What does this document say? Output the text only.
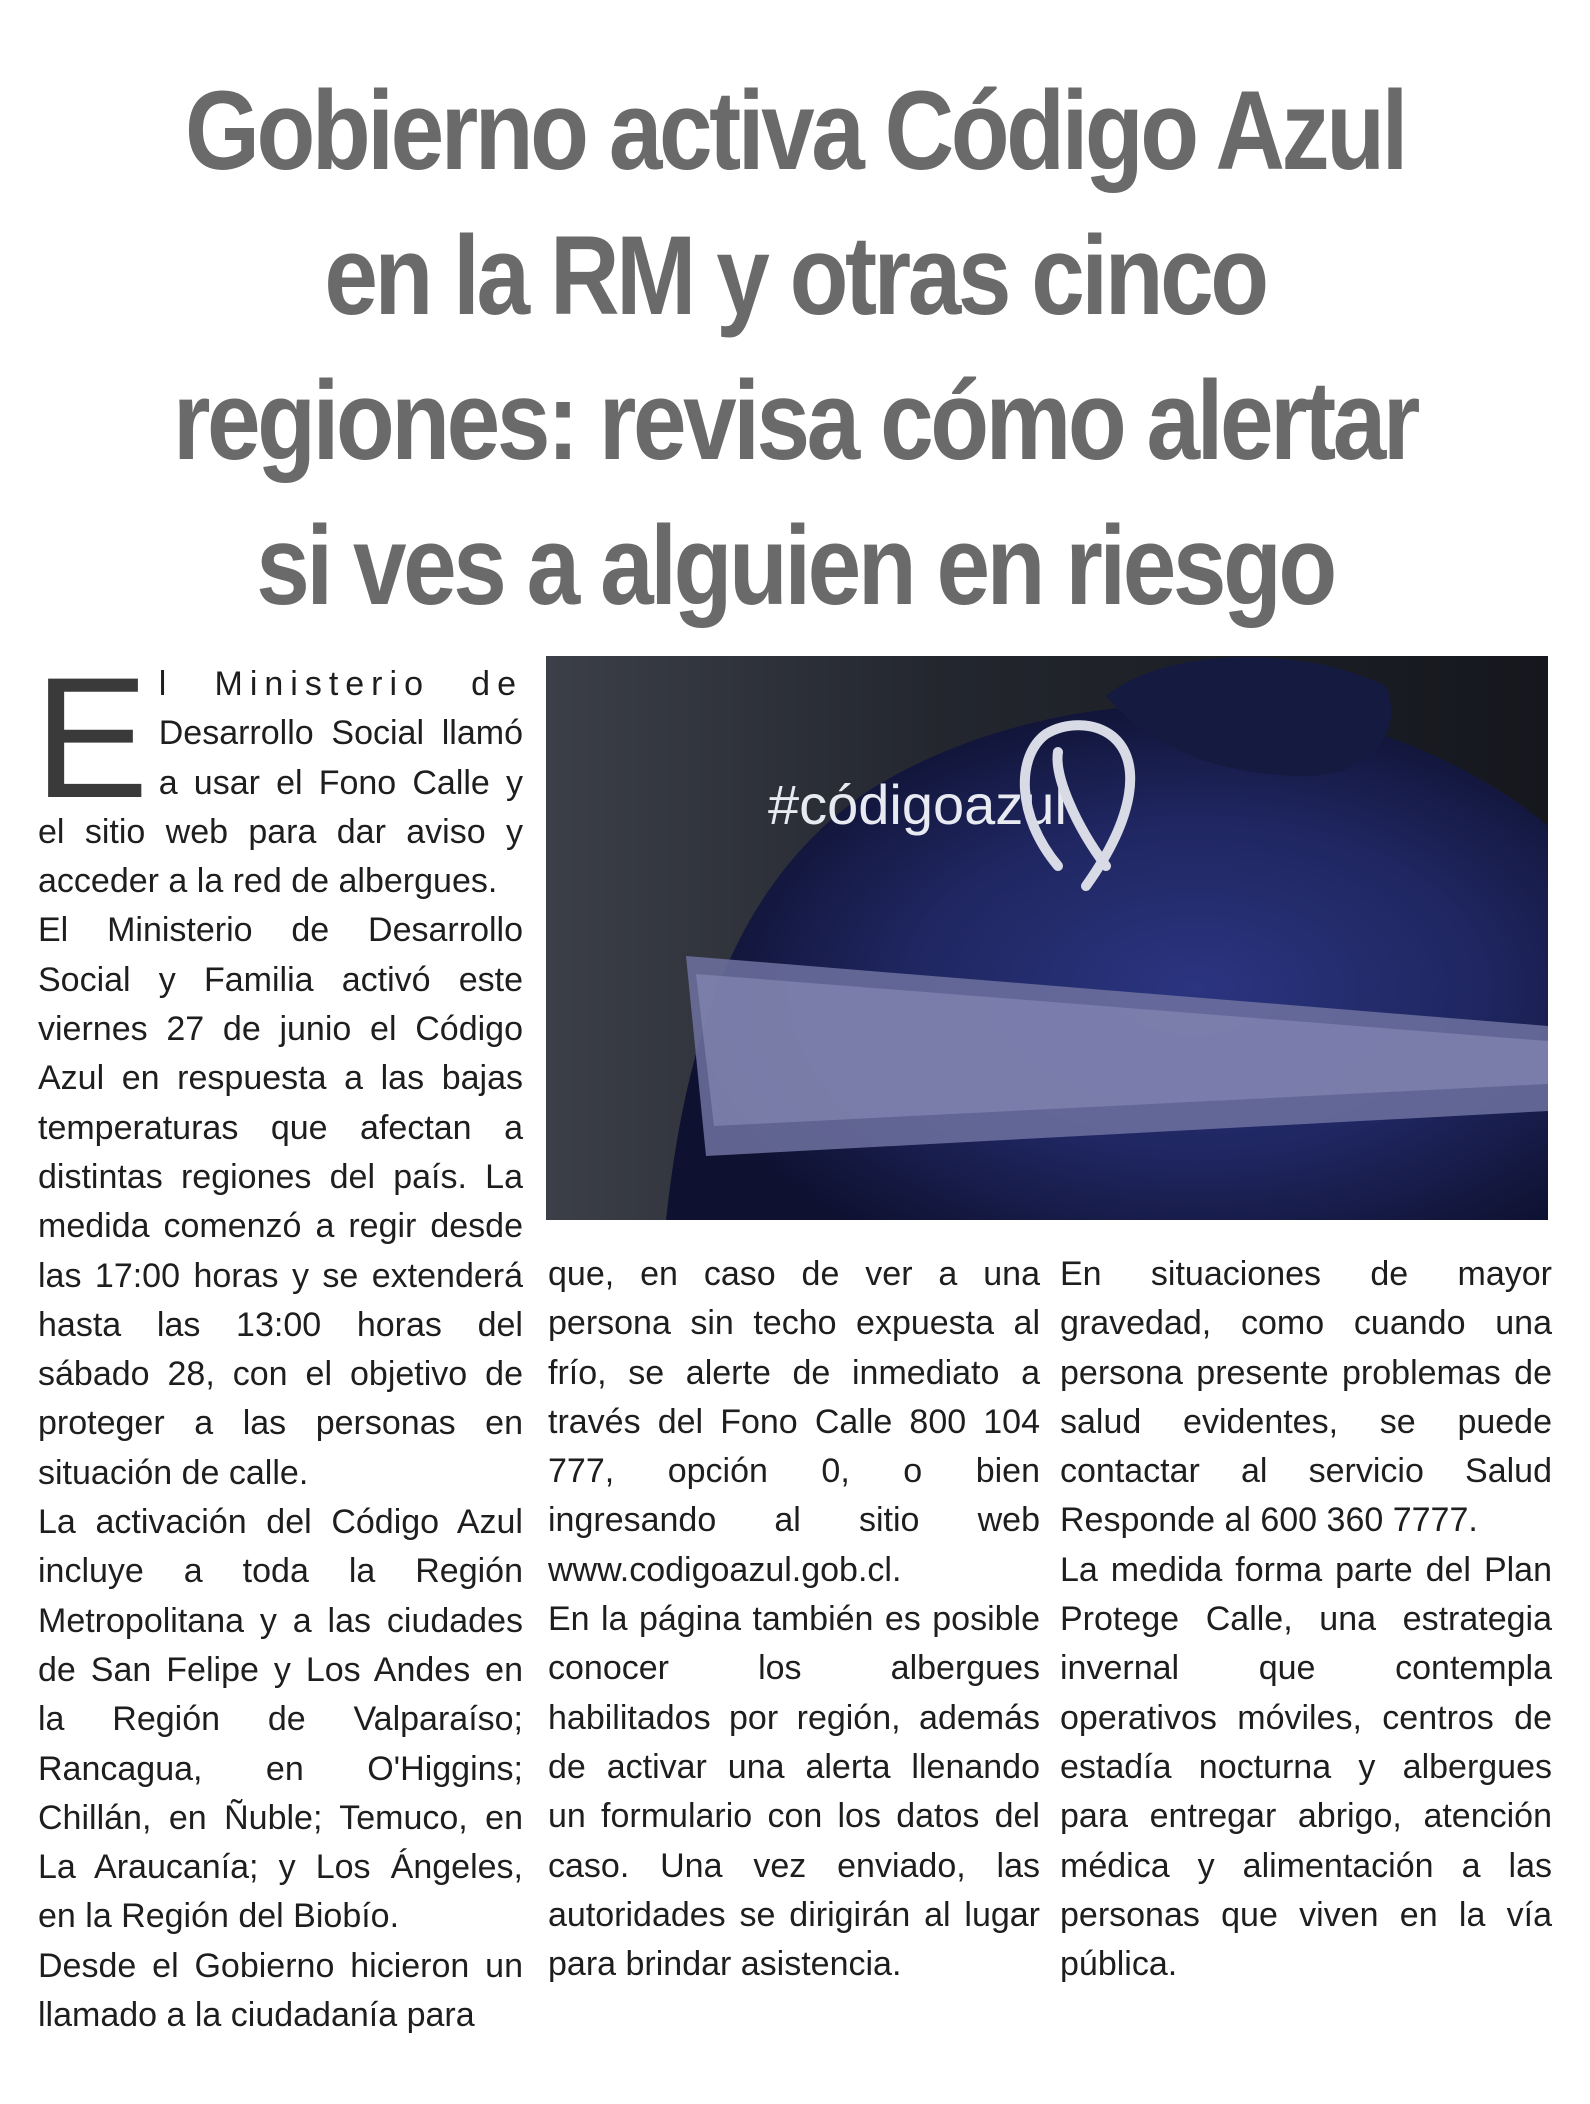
Gobierno activa Código Azul
en la RM y otras cinco
regiones: revisa cómo alertar
si ves a alguien en riesgo

E l Ministerio de Desarrollo Social llamó a usar el Fono Calle y el sitio web para dar aviso y acceder a la red de albergues.

El Ministerio de Desarrollo Social y Familia activó este viernes 27 de junio el Código Azul en respuesta a las bajas temperaturas que afectan a distintas regiones del país. La medida comenzó a regir desde las 17:00 horas y se extenderá hasta las 13:00 horas del sábado 28, con el objetivo de proteger a las personas en situación de calle.

La activación del Código Azul incluye a toda la Región Metropolitana y a las ciudades de San Felipe y Los Andes en la Región de Valparaíso; Rancagua, en O'Higgins; Chillán, en Ñuble; Temuco, en La Araucanía; y Los Ángeles, en la Región del Biobío.

Desde el Gobierno hicieron un llamado a la ciudadanía para

#códigoazul

que, en caso de ver a una persona sin techo expuesta al frío, se alerte de inmediato a través del Fono Calle 800 104 777, opción 0, o bien ingresando al sitio web www.codigoazul.gob.cl.

En la página también es posible conocer los albergues habilitados por región, además de activar una alerta llenando un formulario con los datos del caso. Una vez enviado, las autoridades se dirigirán al lugar para brindar asistencia.

En situaciones de mayor gravedad, como cuando una persona presente problemas de salud evidentes, se puede contactar al servicio Salud Responde al 600 360 7777.

La medida forma parte del Plan Protege Calle, una estrategia invernal que contempla operativos móviles, centros de estadía nocturna y albergues para entregar abrigo, atención médica y alimentación a las personas que viven en la vía pública.
